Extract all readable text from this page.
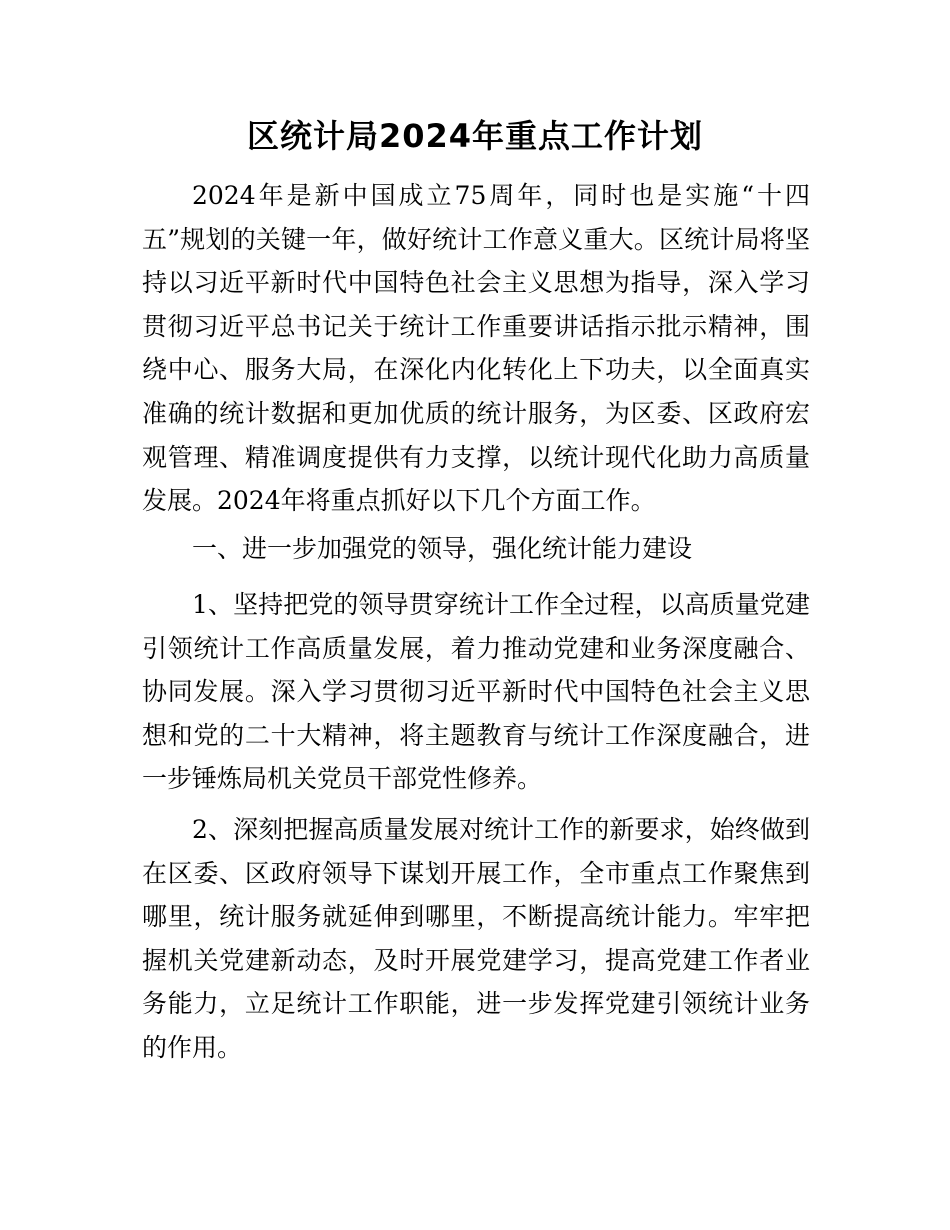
区统计局2024年重点工作计划

2024年是新中国成立75周年，同时也是实施“十四五”规划的关键一年，做好统计工作意义重大。区统计局将坚持以习近平新时代中国特色社会主义思想为指导，深入学习贯彻习近平总书记关于统计工作重要讲话指示批示精神，围绕中心、服务大局，在深化内化转化上下功夫，以全面真实准确的统计数据和更加优质的统计服务，为区委、区政府宏观管理、精准调度提供有力支撑，以统计现代化助力高质量发展。2024年将重点抓好以下几个方面工作。

一、进一步加强党的领导，强化统计能力建设

1、坚持把党的领导贯穿统计工作全过程，以高质量党建引领统计工作高质量发展，着力推动党建和业务深度融合、协同发展。深入学习贯彻习近平新时代中国特色社会主义思想和党的二十大精神，将主题教育与统计工作深度融合，进一步锤炼局机关党员干部党性修养。

2、深刻把握高质量发展对统计工作的新要求，始终做到在区委、区政府领导下谋划开展工作，全市重点工作聚焦到哪里，统计服务就延伸到哪里，不断提高统计能力。牢牢把握机关党建新动态，及时开展党建学习，提高党建工作者业务能力，立足统计工作职能，进一步发挥党建引领统计业务的作用。
